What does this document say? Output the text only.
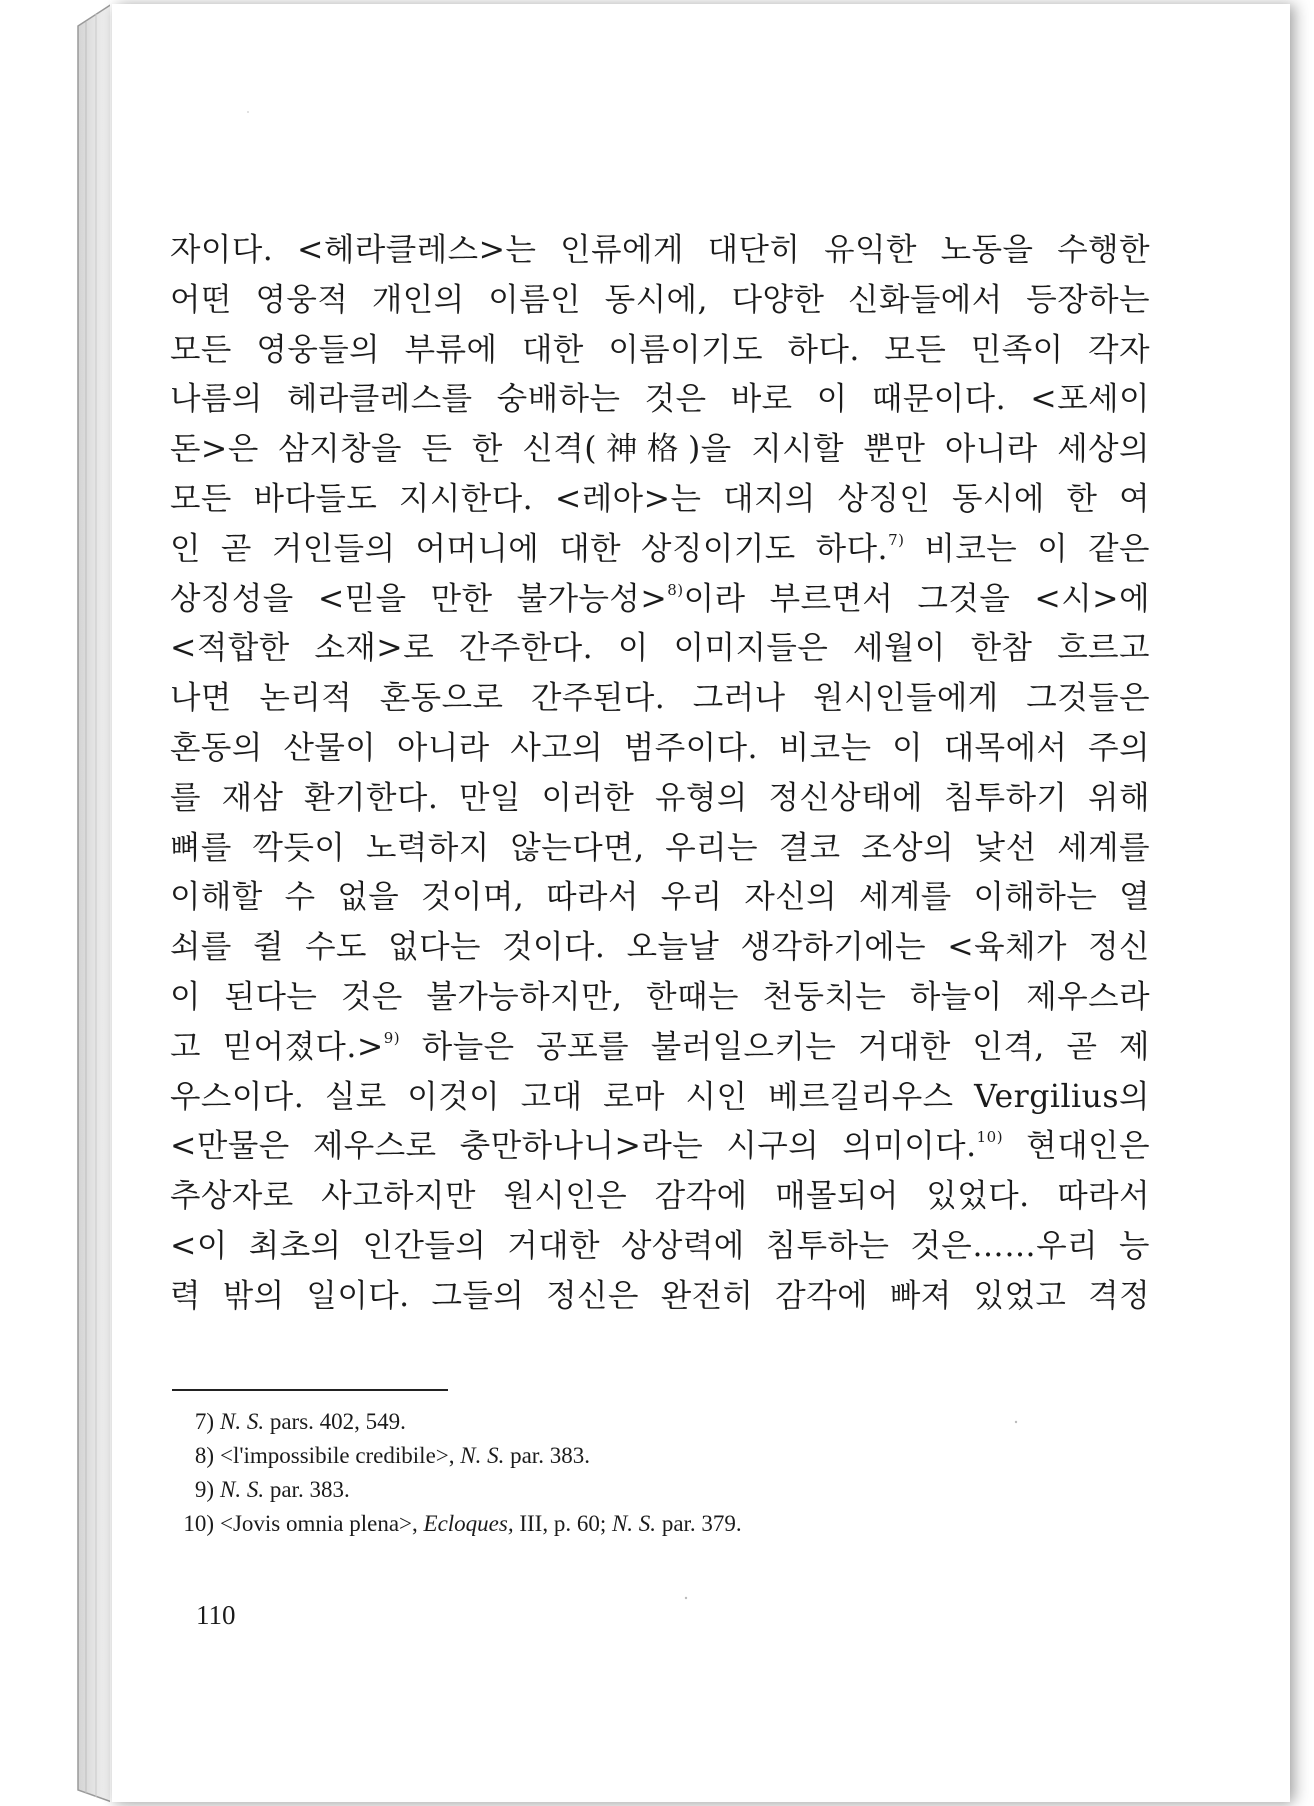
자이다. <헤라클레스>는 인류에게 대단히 유익한 노동을 수행한
어떤 영웅적 개인의 이름인 동시에, 다양한 신화들에서 등장하는
모든 영웅들의 부류에 대한 이름이기도 하다. 모든 민족이 각자
나름의 헤라클레스를 숭배하는 것은 바로 이 때문이다. <포세이
돈>은 삼지창을 든 한 신격(神格)을 지시할 뿐만 아니라 세상의
모든 바다들도 지시한다. <레아>는 대지의 상징인 동시에 한 여
인 곧 거인들의 어머니에 대한 상징이기도 하다.$^{7)}$ 비코는 이 같은
상징성을 <믿을 만한 불가능성>$^{8)}$이라 부르면서 그것을 <시>에
<적합한 소재>로 간주한다. 이 이미지들은 세월이 한참 흐르고
나면 논리적 혼동으로 간주된다. 그러나 원시인들에게 그것들은
혼동의 산물이 아니라 사고의 범주이다. 비코는 이 대목에서 주의
를 재삼 환기한다. 만일 이러한 유형의 정신상태에 침투하기 위해
뼈를 깍듯이 노력하지 않는다면, 우리는 결코 조상의 낯선 세계를
이해할 수 없을 것이며, 따라서 우리 자신의 세계를 이해하는 열
쇠를 쥘 수도 없다는 것이다. 오늘날 생각하기에는 <육체가 정신
이 된다는 것은 불가능하지만, 한때는 천둥치는 하늘이 제우스라
고 믿어졌다.>$^{9)}$ 하늘은 공포를 불러일으키는 거대한 인격, 곧 제
우스이다. 실로 이것이 고대 로마 시인 베르길리우스 Vergilius의
<만물은 제우스로 충만하나니>라는 시구의 의미이다.$^{10)}$ 현대인은
추상자로 사고하지만 원시인은 감각에 매몰되어 있었다. 따라서
<이 최초의 인간들의 거대한 상상력에 침투하는 것은……우리 능
력 밖의 일이다. 그들의 정신은 완전히 감각에 빠져 있었고 격정
7) N. S. pars. 402, 549.
8) <l'impossibile credibile>, N. S. par. 383.
9) N. S. par. 383.
10) <Jovis omnia plena>, Ecloques, III, p. 60; N. S. par. 379.
110
